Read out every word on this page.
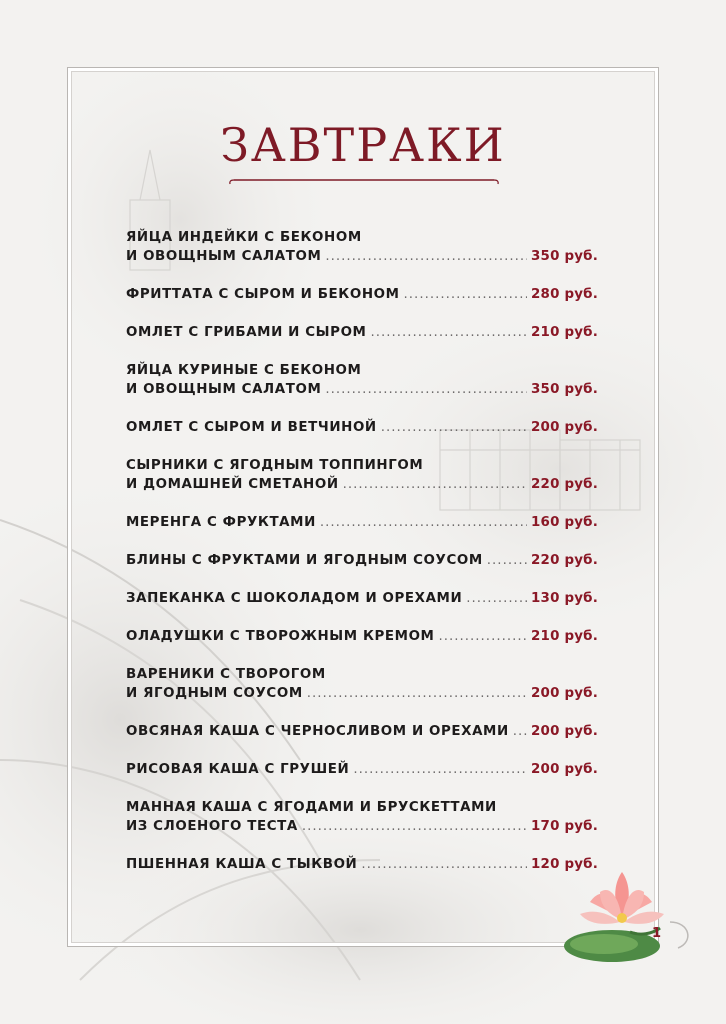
ЗАВТРАКИ
ЯЙЦА ИНДЕЙКИ С БЕКОНОМ
И ОВОЩНЫМ САЛАТОМ .....	350 руб.
ФРИТТАТА С СЫРОМ И БЕКОНОМ .....	280 руб.
ОМЛЕТ С ГРИБАМИ И СЫРОМ .....	210 руб.
ЯЙЦА КУРИНЫЕ С БЕКОНОМ
И ОВОЩНЫМ САЛАТОМ .....	350 руб.
ОМЛЕТ С СЫРОМ И ВЕТЧИНОЙ .....	200 руб.
СЫРНИКИ С ЯГОДНЫМ ТОППИНГОМ
И ДОМАШНЕЙ СМЕТАНОЙ .....	220 руб.
МЕРЕНГА С ФРУКТАМИ .....	160 руб.
БЛИНЫ С ФРУКТАМИ И ЯГОДНЫМ СОУСОМ .....	220 руб.
ЗАПЕКАНКА С ШОКОЛАДОМ И ОРЕХАМИ .....	130 руб.
ОЛАДУШКИ С ТВОРОЖНЫМ КРЕМОМ .....	210 руб.
ВАРЕНИКИ С ТВОРОГОМ
И ЯГОДНЫМ СОУСОМ .....	200 руб.
ОВСЯНАЯ КАША С ЧЕРНОСЛИВОМ И ОРЕХАМИ ..... 200 руб.
РИСОВАЯ КАША С ГРУШЕЙ .....	200 руб.
МАННАЯ КАША С ЯГОДАМИ И БРУСКЕТТАМИ
ИЗ СЛОЕНОГО ТЕСТА .....	170 руб.
ПШЕННАЯ КАША С ТЫКВОЙ .....	120 руб.
1
